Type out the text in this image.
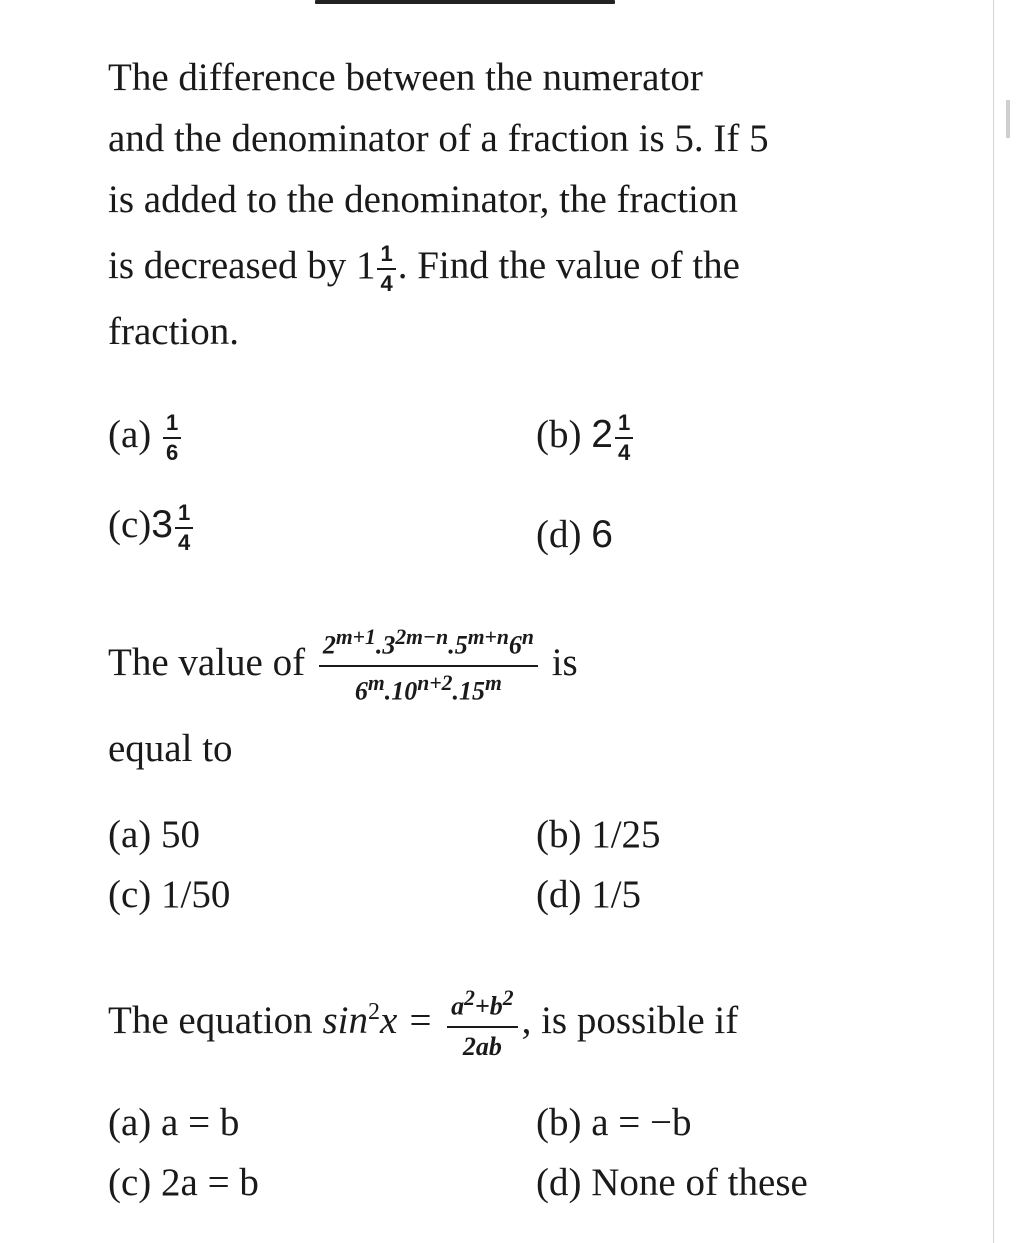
The difference between the numerator
and the denominator of a fraction is 5. If 5
is added to the denominator, the fraction
is decreased by $1 \frac{1}{4}$ . Find the value of the
fraction.
$(a) \frac{1}{6}$	(b) $2 \frac{1}{4}$
$(c)3 \frac{1}{4}$	(d) 6
The value of $\frac{2^{m+1}.3^{2m-n}.5^{m+n}6^n}{6^m.10^{n+2}.15^m}$ is
equal to
(a) 50	(b) 1/25
(c) 1/50	(d) 1/5
The equation $\sin^2x = \frac{a^2+b^2}{2ab}$ , is possible if
(a) a = b	(b) a = −b
(c) 2a = b	(d) None of these
